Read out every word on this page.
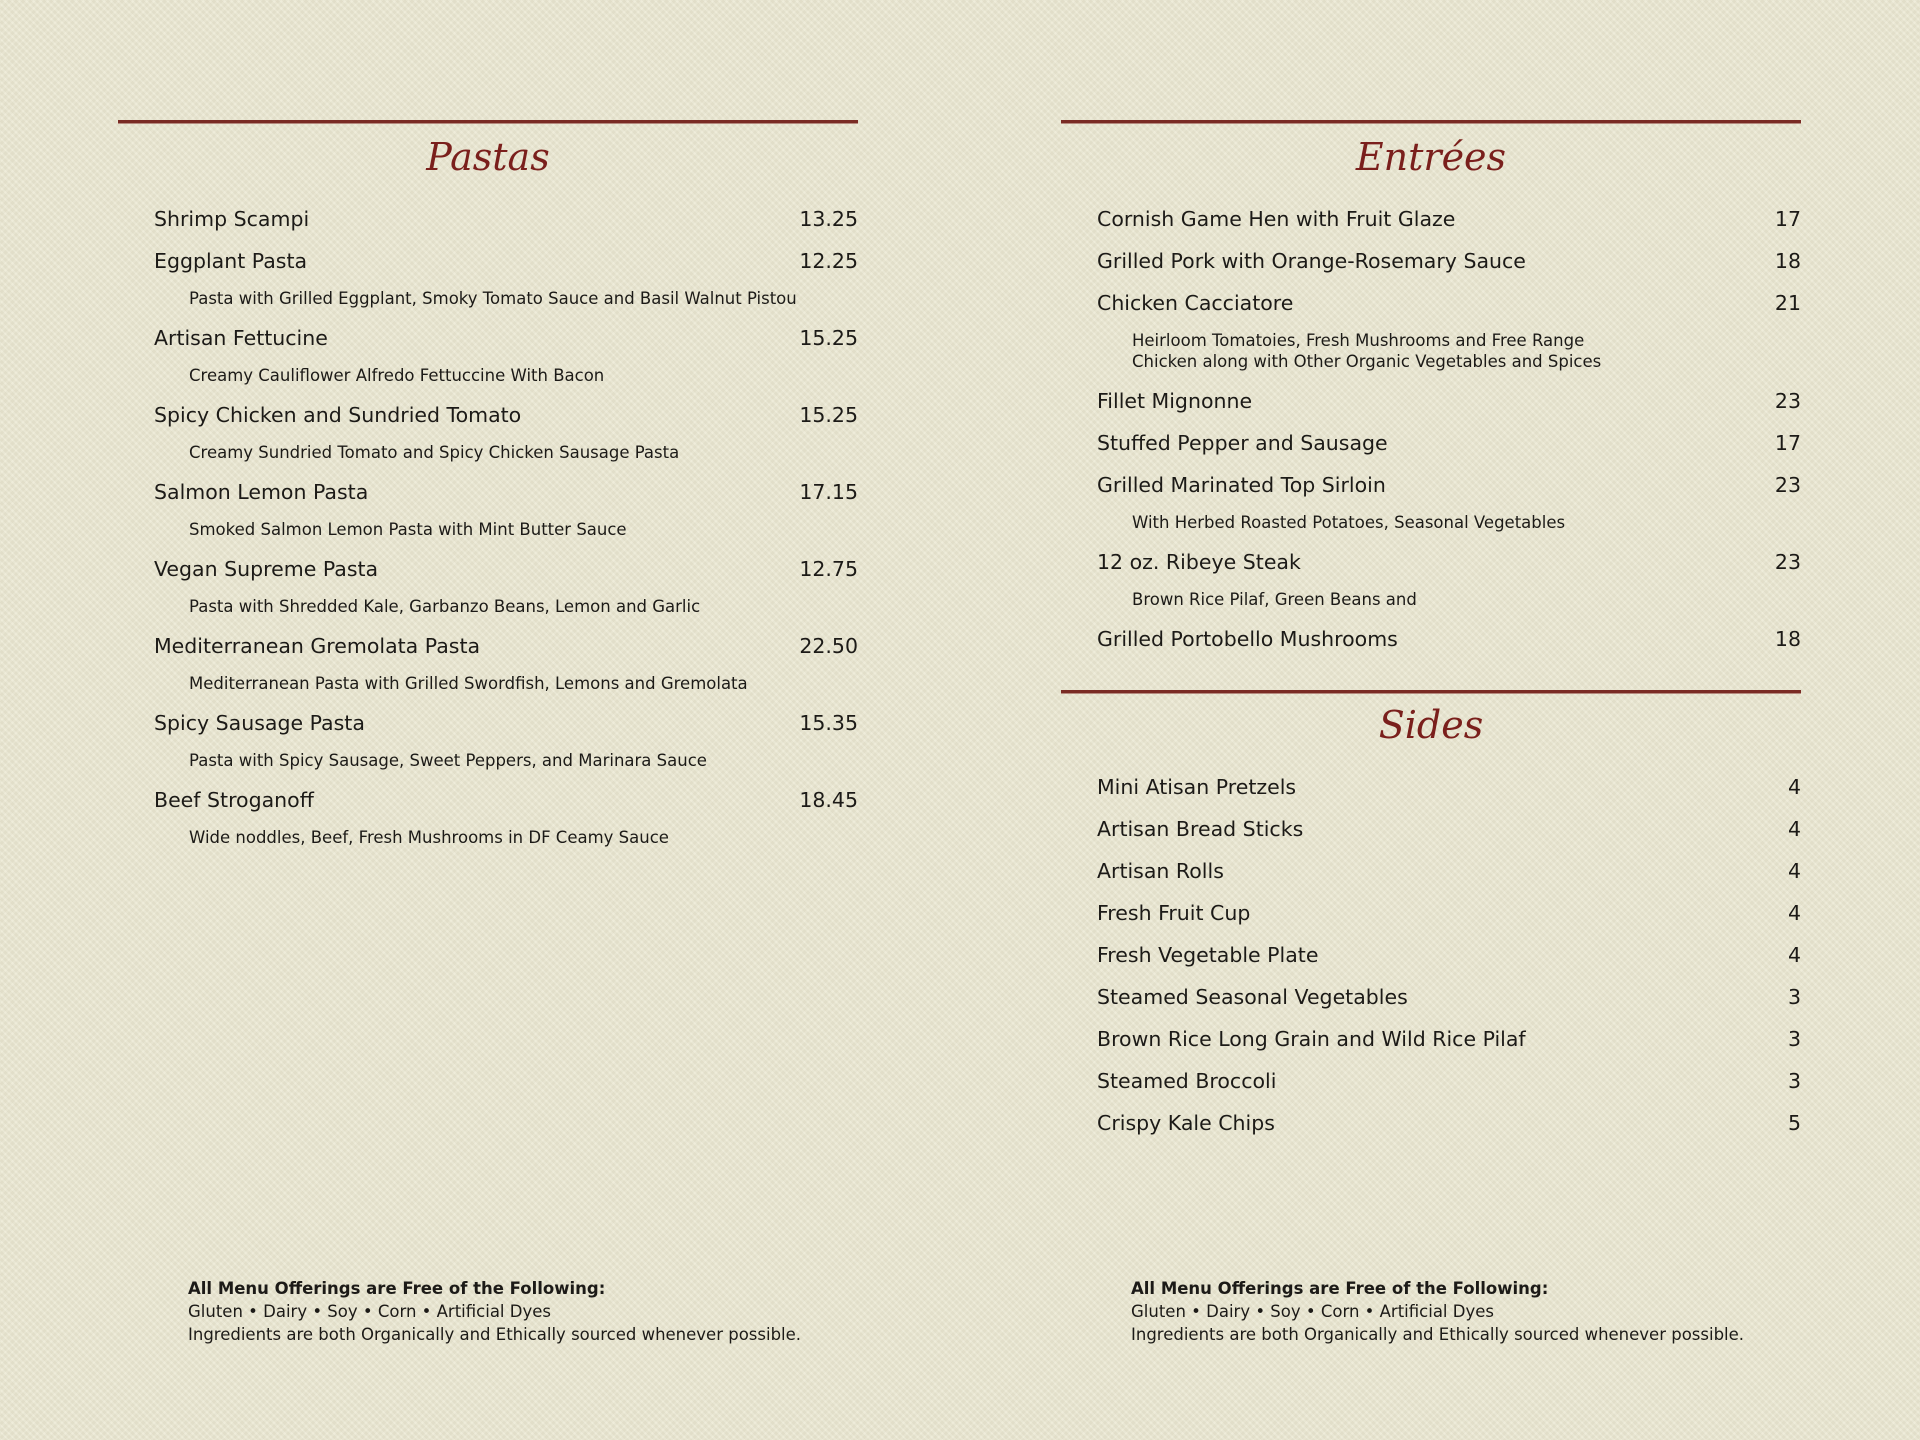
Pastas
Shrimp Scampi	13.25
Eggplant Pasta	12.25
Pasta with Grilled Eggplant, Smoky Tomato Sauce and Basil Walnut Pistou
Artisan Fettucine	15.25
Creamy Cauliflower Alfredo Fettuccine With Bacon
Spicy Chicken and Sundried Tomato	15.25
Creamy Sundried Tomato and Spicy Chicken Sausage Pasta
Salmon Lemon Pasta	17.15
Smoked Salmon Lemon Pasta with Mint Butter Sauce
Vegan Supreme Pasta	12.75
Pasta with Shredded Kale, Garbanzo Beans, Lemon and Garlic
Mediterranean Gremolata Pasta	22.50
Mediterranean Pasta with Grilled Swordfish, Lemons and Gremolata
Spicy Sausage Pasta	15.35
Pasta with Spicy Sausage, Sweet Peppers, and Marinara Sauce
Beef Stroganoff	18.45
Wide noddles, Beef, Fresh Mushrooms in DF Ceamy Sauce
All Menu Offerings are Free of the Following:
Gluten • Dairy • Soy • Corn • Artificial Dyes
Ingredients are both Organically and Ethically sourced whenever possible.
Entrées
Cornish Game Hen with Fruit Glaze	17
Grilled Pork with Orange-Rosemary Sauce	18
Chicken Cacciatore	21
Heirloom Tomatoies, Fresh Mushrooms and Free Range
Chicken along with Other Organic Vegetables and Spices
Fillet Mignonne	23
Stuffed Pepper and Sausage	17
Grilled Marinated Top Sirloin	23
With Herbed Roasted Potatoes, Seasonal Vegetables
12 oz. Ribeye Steak	23
Brown Rice Pilaf, Green Beans and
Grilled Portobello Mushrooms	18
Sides
Mini Atisan Pretzels	4
Artisan Bread Sticks	4
Artisan Rolls	4
Fresh Fruit Cup	4
Fresh Vegetable Plate	4
Steamed Seasonal Vegetables	3
Brown Rice Long Grain and Wild Rice Pilaf	3
Steamed Broccoli	3
Crispy Kale Chips	5
All Menu Offerings are Free of the Following:
Gluten • Dairy • Soy • Corn • Artificial Dyes
Ingredients are both Organically and Ethically sourced whenever possible.
